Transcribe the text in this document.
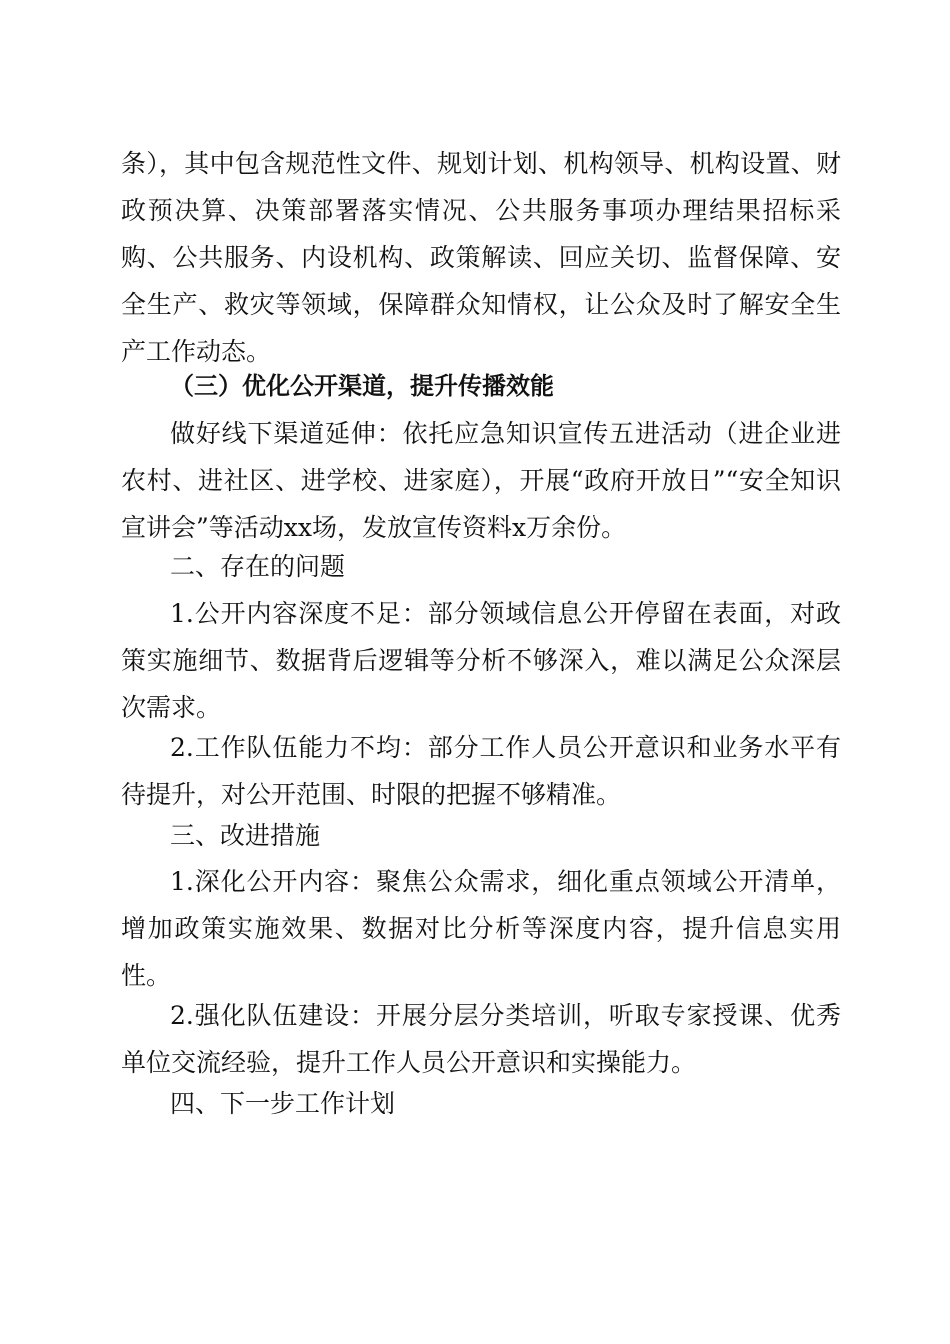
条），其中包含规范性文件、规划计划、机构领导、机构设置、财政预决算、决策部署落实情况、公共服务事项办理结果招标采购、公共服务、内设机构、政策解读、回应关切、监督保障、安全生产、救灾等领域，保障群众知情权，让公众及时了解安全生产工作动态。

（三）优化公开渠道，提升传播效能

做好线下渠道延伸：依托应急知识宣传五进活动（进企业进农村、进社区、进学校、进家庭），开展“政府开放日”“安全知识宣讲会”等活动xx场，发放宣传资料x万余份。

二、存在的问题

1.公开内容深度不足：部分领域信息公开停留在表面，对政策实施细节、数据背后逻辑等分析不够深入，难以满足公众深层次需求。

2.工作队伍能力不均：部分工作人员公开意识和业务水平有待提升，对公开范围、时限的把握不够精准。

三、改进措施

1.深化公开内容：聚焦公众需求，细化重点领域公开清单，增加政策实施效果、数据对比分析等深度内容，提升信息实用性。

2.强化队伍建设：开展分层分类培训，听取专家授课、优秀单位交流经验，提升工作人员公开意识和实操能力。

四、下一步工作计划
